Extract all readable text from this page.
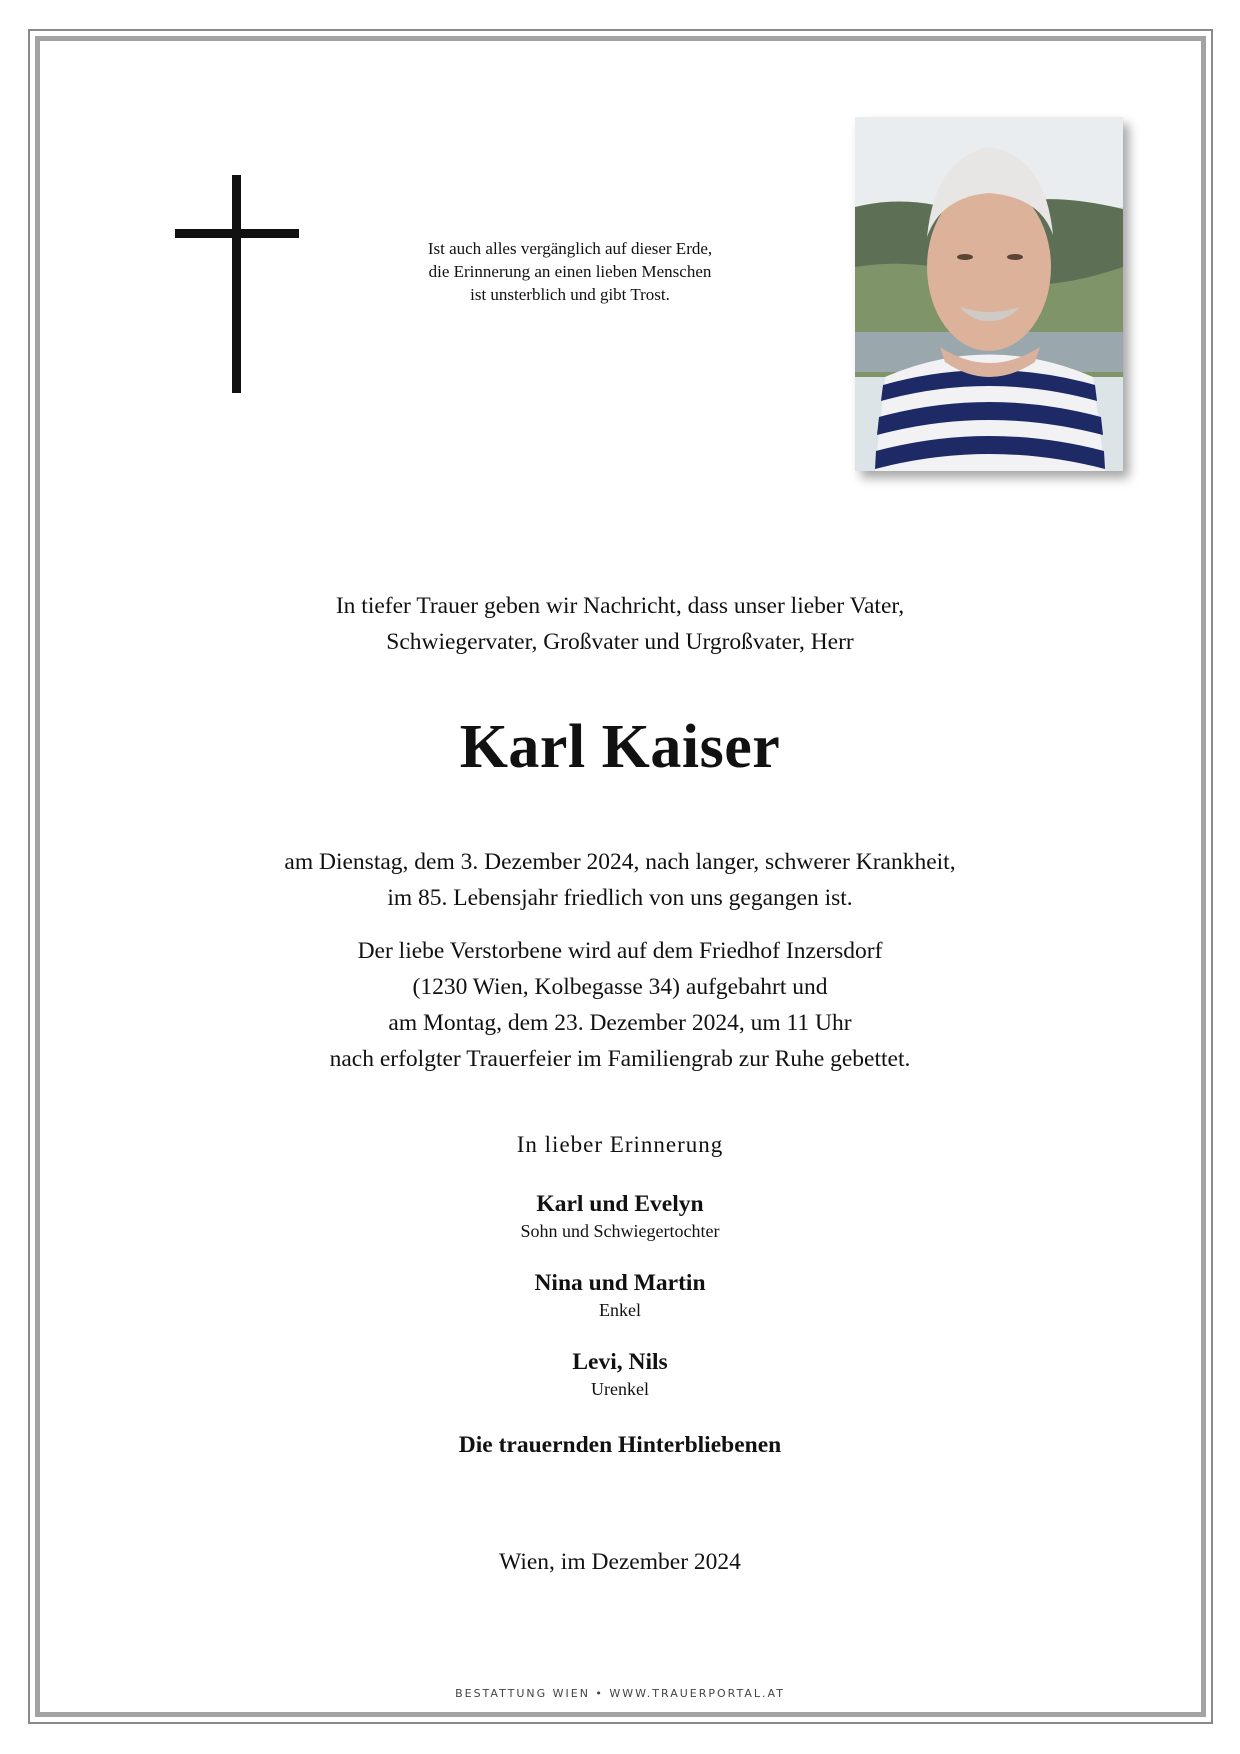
Ist auch alles vergänglich auf dieser Erde,
die Erinnerung an einen lieben Menschen
ist unsterblich und gibt Trost.
In tiefer Trauer geben wir Nachricht, dass unser lieber Vater,
Schwiegervater, Großvater und Urgroßvater, Herr
Karl Kaiser
am Dienstag, dem 3. Dezember 2024, nach langer, schwerer Krankheit,
im 85. Lebensjahr friedlich von uns gegangen ist.
Der liebe Verstorbene wird auf dem Friedhof Inzersdorf
(1230 Wien, Kolbegasse 34) aufgebahrt und
am Montag, dem 23. Dezember 2024, um 11 Uhr
nach erfolgter Trauerfeier im Familiengrab zur Ruhe gebettet.
In lieber Erinnerung
Karl und Evelyn
Sohn und Schwiegertochter
Nina und Martin
Enkel
Levi, Nils
Urenkel
Die trauernden Hinterbliebenen
Wien, im Dezember 2024
BESTATTUNG WIEN • WWW.TRAUERPORTAL.AT
